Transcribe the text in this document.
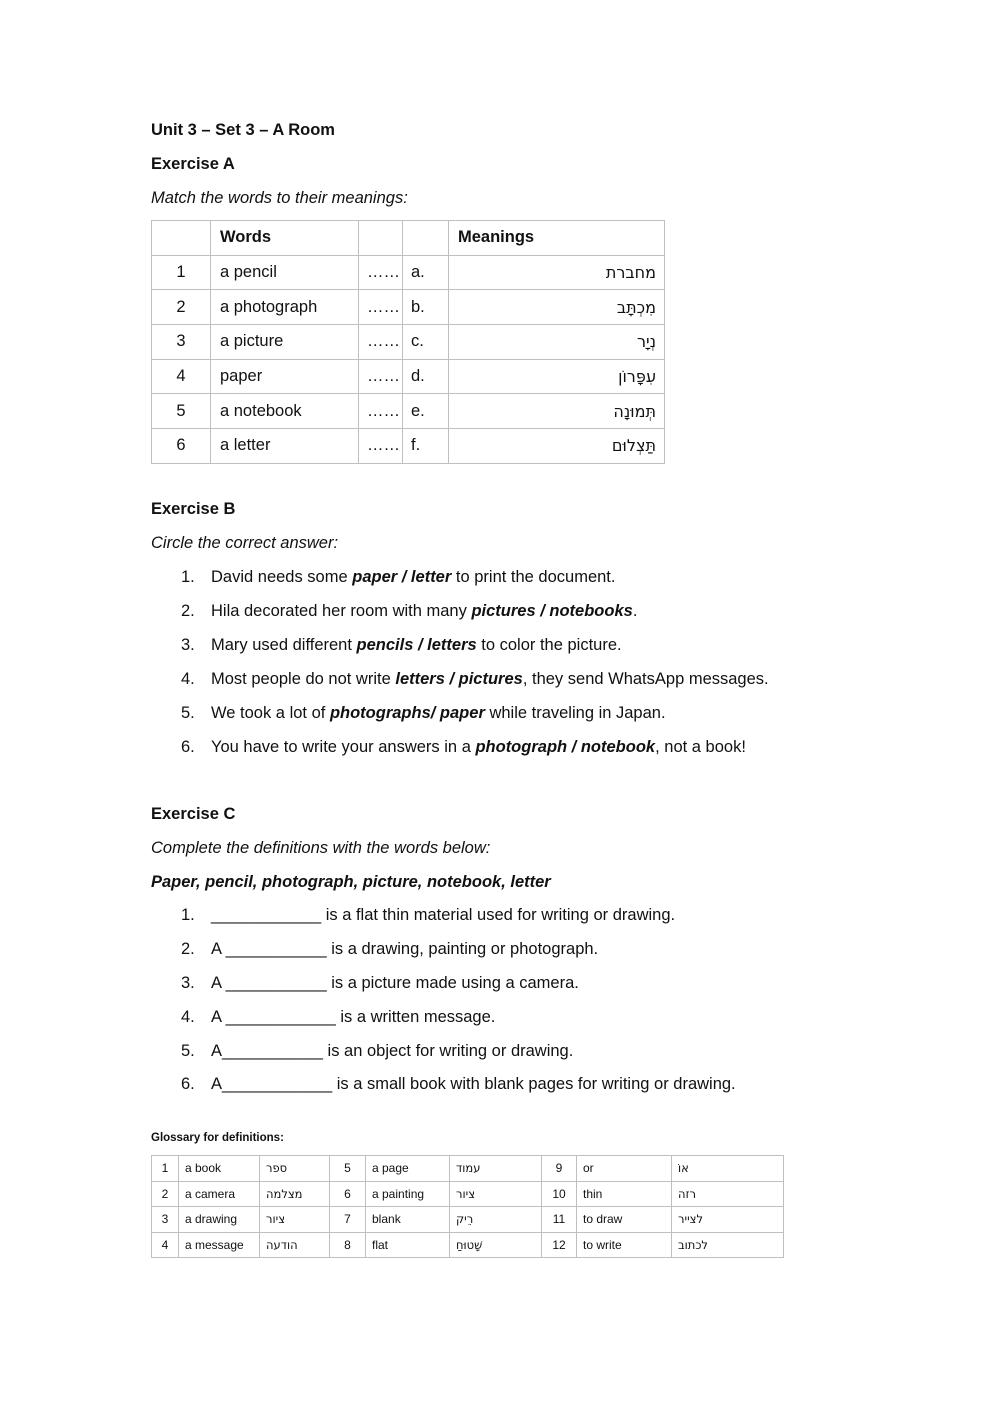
Unit 3 – Set 3 – A Room
Exercise A
Match the words to their meanings:
	Words			Meanings
1	a pencil	……	a.	מחברת
2	a photograph	……	b.	מִכְתָּב
3	a picture	……	c.	נְיָר
4	paper	……	d.	עִפָּרוֹן
5	a notebook	……	e.	תְּמוּנָה
6	a letter	……	f.	תַּצְלוּם
Exercise B
Circle the correct answer:
1. David needs some paper / letter to print the document.
2. Hila decorated her room with many pictures / notebooks.
3. Mary used different pencils / letters to color the picture.
4. Most people do not write letters / pictures, they send WhatsApp messages.
5. We took a lot of photographs/ paper while traveling in Japan.
6. You have to write your answers in a photograph / notebook, not a book!
Exercise C
Complete the definitions with the words below:
Paper, pencil, photograph, picture, notebook, letter
1. ____________ is a flat thin material used for writing or drawing.
2. A ___________ is a drawing, painting or photograph.
3. A ___________ is a picture made using a camera.
4. A ____________ is a written message.
5. A___________ is an object for writing or drawing.
6. A____________ is a small book with blank pages for writing or drawing.
Glossary for definitions:
1	a book	ספר	5	a page	עמוד	9	or	אוֹ
2	a camera	מצלמה	6	a painting	ציור	10	thin	רזה
3	a drawing	ציור	7	blank	רֵיק	11	to draw	לצייר
4	a message	הודעה	8	flat	שָׁטוּחַ	12	to write	לכתוב
